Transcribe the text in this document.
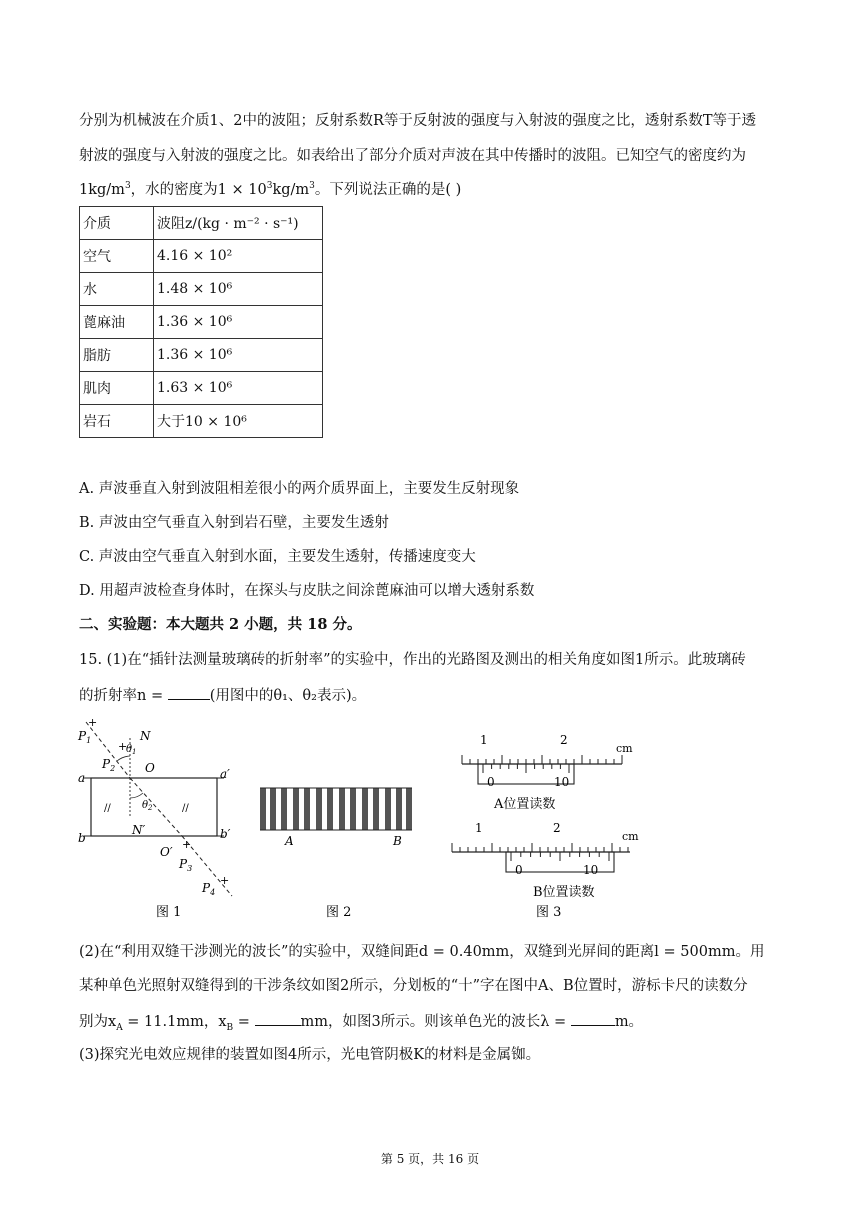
分别为机械波在介质1、2中的波阻；反射系数R等于反射波的强度与入射波的强度之比，透射系数T等于透
射波的强度与入射波的强度之比。如表给出了部分介质对声波在其中传播时的波阻。已知空气的密度约为
$1kg/m^3$，水的密度为$1 \times 10^3kg/m^3$。下列说法正确的是( )
介质	波阻z/(kg · m⁻² · s⁻¹)
空气	4.16 × 10²
水	1.48 × 10⁶
蓖麻油	1.36 × 10⁶
脂肪	1.36 × 10⁶
肌肉	1.63 × 10⁶
岩石	大于10 × 10⁶
A. 声波垂直入射到波阻相差很小的两介质界面上，主要发生反射现象
B. 声波由空气垂直入射到岩石壁，主要发生透射
C. 声波由空气垂直入射到水面，主要发生透射，传播速度变大
D. 用超声波检查身体时，在探头与皮肤之间涂蓖麻油可以增大透射系数
二、实验题：本大题共 2 小题，共 18 分。
15. (1)在“插针法测量玻璃砖的折射率”的实验中，作出的光路图及测出的相关角度如图1所示。此玻璃砖
的折射率n =	(用图中的θ₁、θ₂表示)。
//	//
+
+
+
+
$P_1$
$P_2$
$P_3$
$P_4$
N
N′
O
O′
a	a′
b	b′
$\theta_1$
$\theta_2$
图 1
A	B
图 2
1	2
cm
0	10
A位置读数
1	2
cm
0	10
B位置读数
图 3
(2)在“利用双缝干涉测光的波长”的实验中，双缝间距d = 0.40mm，双缝到光屏间的距离l = 500mm。用
某种单色光照射双缝得到的干涉条纹如图2所示，分划板的“十”字在图中A、B位置时，游标卡尺的读数分
别为$x_A = 11.1mm$，$x_B$ =	mm，如图3所示。则该单色光的波长λ =	m。
(3)探究光电效应规律的装置如图4所示，光电管阴极K的材料是金属铷。
第 5 页，共 16 页
